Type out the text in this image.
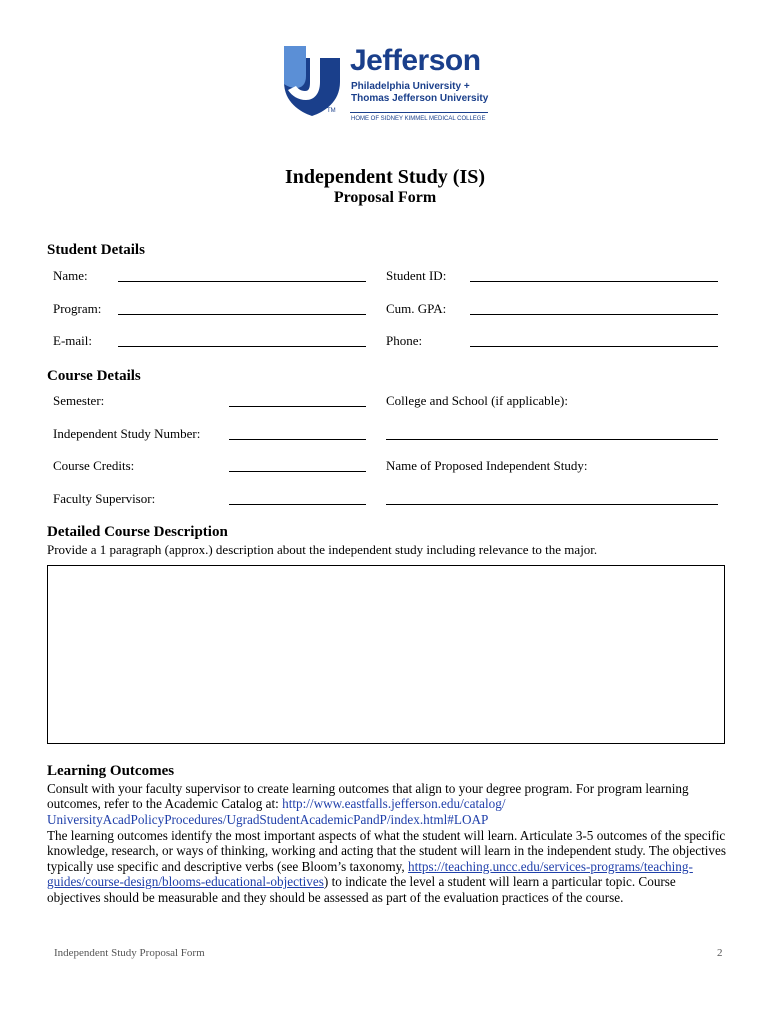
TM
Jefferson
Philadelphia University +
Thomas Jefferson University
HOME OF SIDNEY KIMMEL MEDICAL COLLEGE
Independent Study (IS)
Proposal Form
Student Details
Name:	Student ID:
Program:	Cum. GPA:
E-mail:	Phone:
Course Details
Semester:	College and School (if applicable):
Independent Study Number:
Course Credits:	Name of Proposed Independent Study:
Faculty Supervisor:
Detailed Course Description
Provide a 1 paragraph (approx.) description about the independent study including relevance to the major.
Learning Outcomes
Consult with your faculty supervisor to create learning outcomes that align to your degree program. For program learning outcomes, refer to the Academic Catalog at: http://www.eastfalls.jefferson.edu/catalog/ UniversityAcadPolicyProcedures/UgradStudentAcademicPandP/index.html#LOAP
The learning outcomes identify the most important aspects of what the student will learn. Articulate 3-5 outcomes of the specific knowledge, research, or ways of thinking, working and acting that the student will learn in the independent study. The objectives typically use specific and descriptive verbs (see Bloom’s taxonomy, https://teaching.uncc.edu/services-programs/teaching-guides/course-design/blooms-educational-objectives) to indicate the level a student will learn a particular topic. Course objectives should be measurable and they should be assessed as part of the evaluation practices of the course.
Independent Study Proposal Form	2
